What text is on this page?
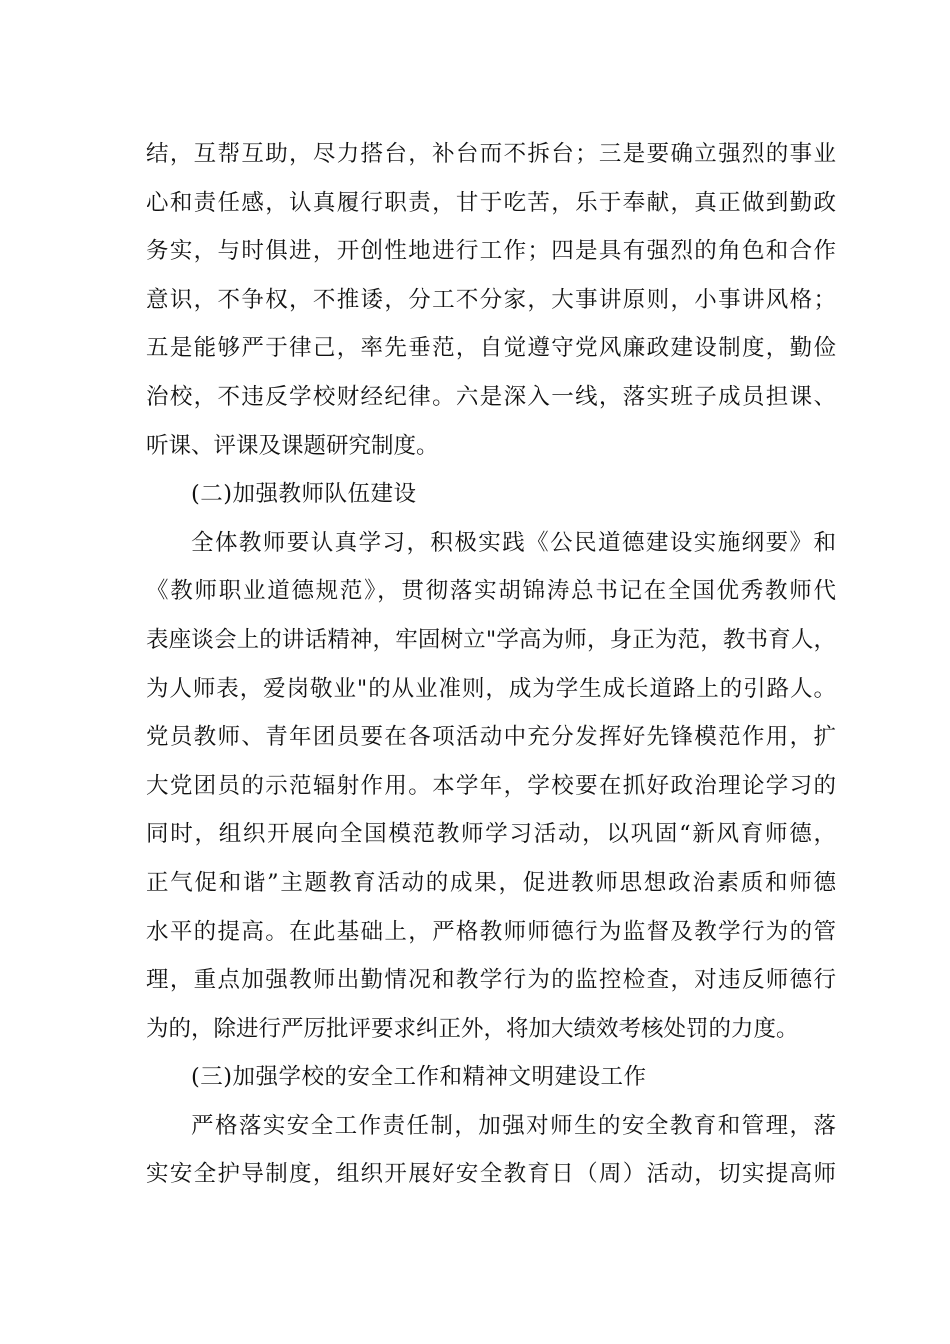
结，互帮互助，尽力搭台，补台而不拆台；三是要确立强烈的事业
心和责任感，认真履行职责，甘于吃苦，乐于奉献，真正做到勤政
务实，与时俱进，开创性地进行工作；四是具有强烈的角色和合作
意识，不争权，不推诿，分工不分家，大事讲原则，小事讲风格；
五是能够严于律己，率先垂范，自觉遵守党风廉政建设制度，勤俭
治校，不违反学校财经纪律。六是深入一线，落实班子成员担课、
听课、评课及课题研究制度。
(二)加强教师队伍建设
全体教师要认真学习，积极实践《公民道德建设实施纲要》和
《教师职业道德规范》，贯彻落实胡锦涛总书记在全国优秀教师代
表座谈会上的讲话精神，牢固树立"学高为师，身正为范，教书育人，
为人师表，爱岗敬业"的从业准则，成为学生成长道路上的引路人。
党员教师、青年团员要在各项活动中充分发挥好先锋模范作用，扩
大党团员的示范辐射作用。本学年，学校要在抓好政治理论学习的
同时，组织开展向全国模范教师学习活动，以巩固“新风育师德，
正气促和谐”主题教育活动的成果，促进教师思想政治素质和师德
水平的提高。在此基础上，严格教师师德行为监督及教学行为的管
理，重点加强教师出勤情况和教学行为的监控检查，对违反师德行
为的，除进行严厉批评要求纠正外，将加大绩效考核处罚的力度。
(三)加强学校的安全工作和精神文明建设工作
严格落实安全工作责任制，加强对师生的安全教育和管理，落
实安全护导制度，组织开展好安全教育日（周）活动，切实提高师
